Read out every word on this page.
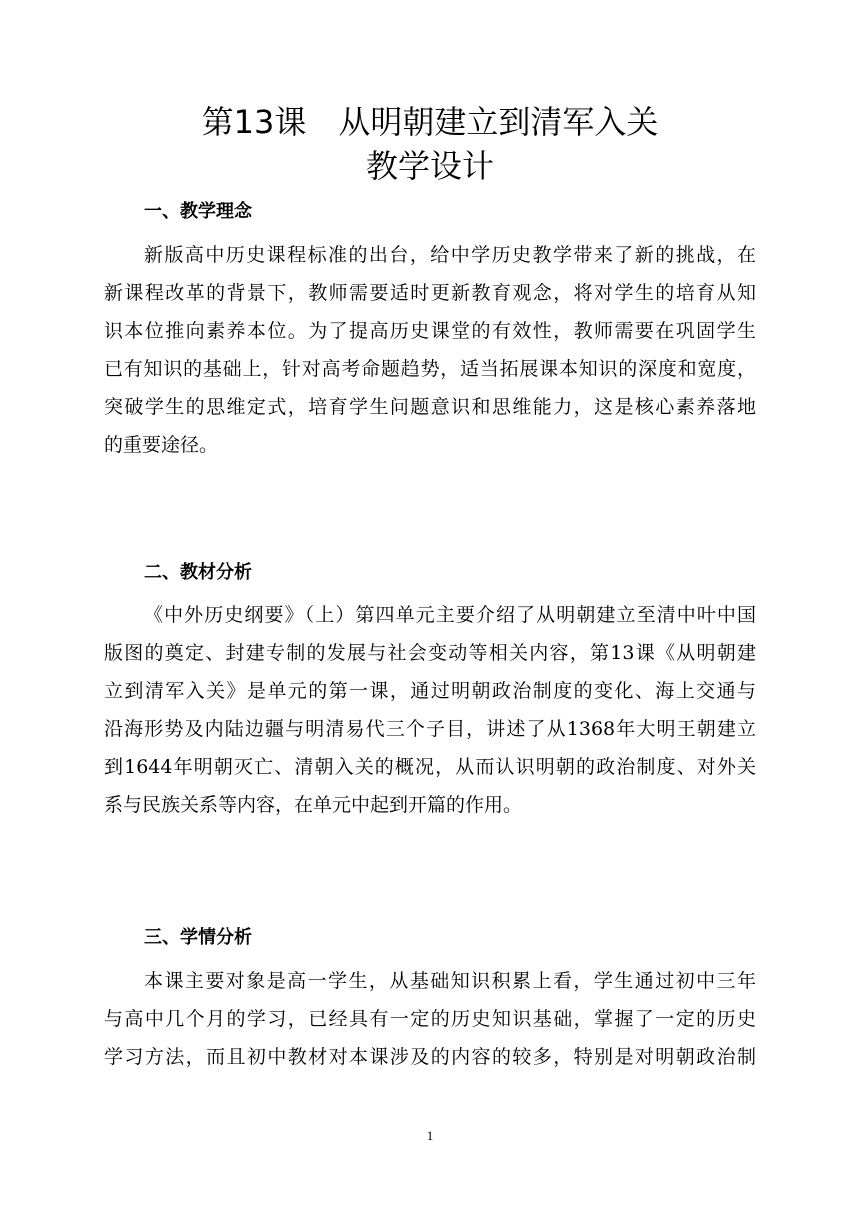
第13课　从明朝建立到清军入关
教学设计
一、教学理念
新版高中历史课程标准的出台，给中学历史教学带来了新的挑战，在
新课程改革的背景下，教师需要适时更新教育观念，将对学生的培育从知
识本位推向素养本位。为了提高历史课堂的有效性，教师需要在巩固学生
已有知识的基础上，针对高考命题趋势，适当拓展课本知识的深度和宽度，
突破学生的思维定式，培育学生问题意识和思维能力，这是核心素养落地
的重要途径。
二、教材分析
《中外历史纲要》（上）第四单元主要介绍了从明朝建立至清中叶中国
版图的奠定、封建专制的发展与社会变动等相关内容，第13课《从明朝建
立到清军入关》是单元的第一课，通过明朝政治制度的变化、海上交通与
沿海形势及内陆边疆与明清易代三个子目，讲述了从1368年大明王朝建立
到1644年明朝灭亡、清朝入关的概况，从而认识明朝的政治制度、对外关
系与民族关系等内容，在单元中起到开篇的作用。
三、学情分析
本课主要对象是高一学生，从基础知识积累上看，学生通过初中三年
与高中几个月的学习，已经具有一定的历史知识基础，掌握了一定的历史
学习方法，而且初中教材对本课涉及的内容的较多，特别是对明朝政治制
1
